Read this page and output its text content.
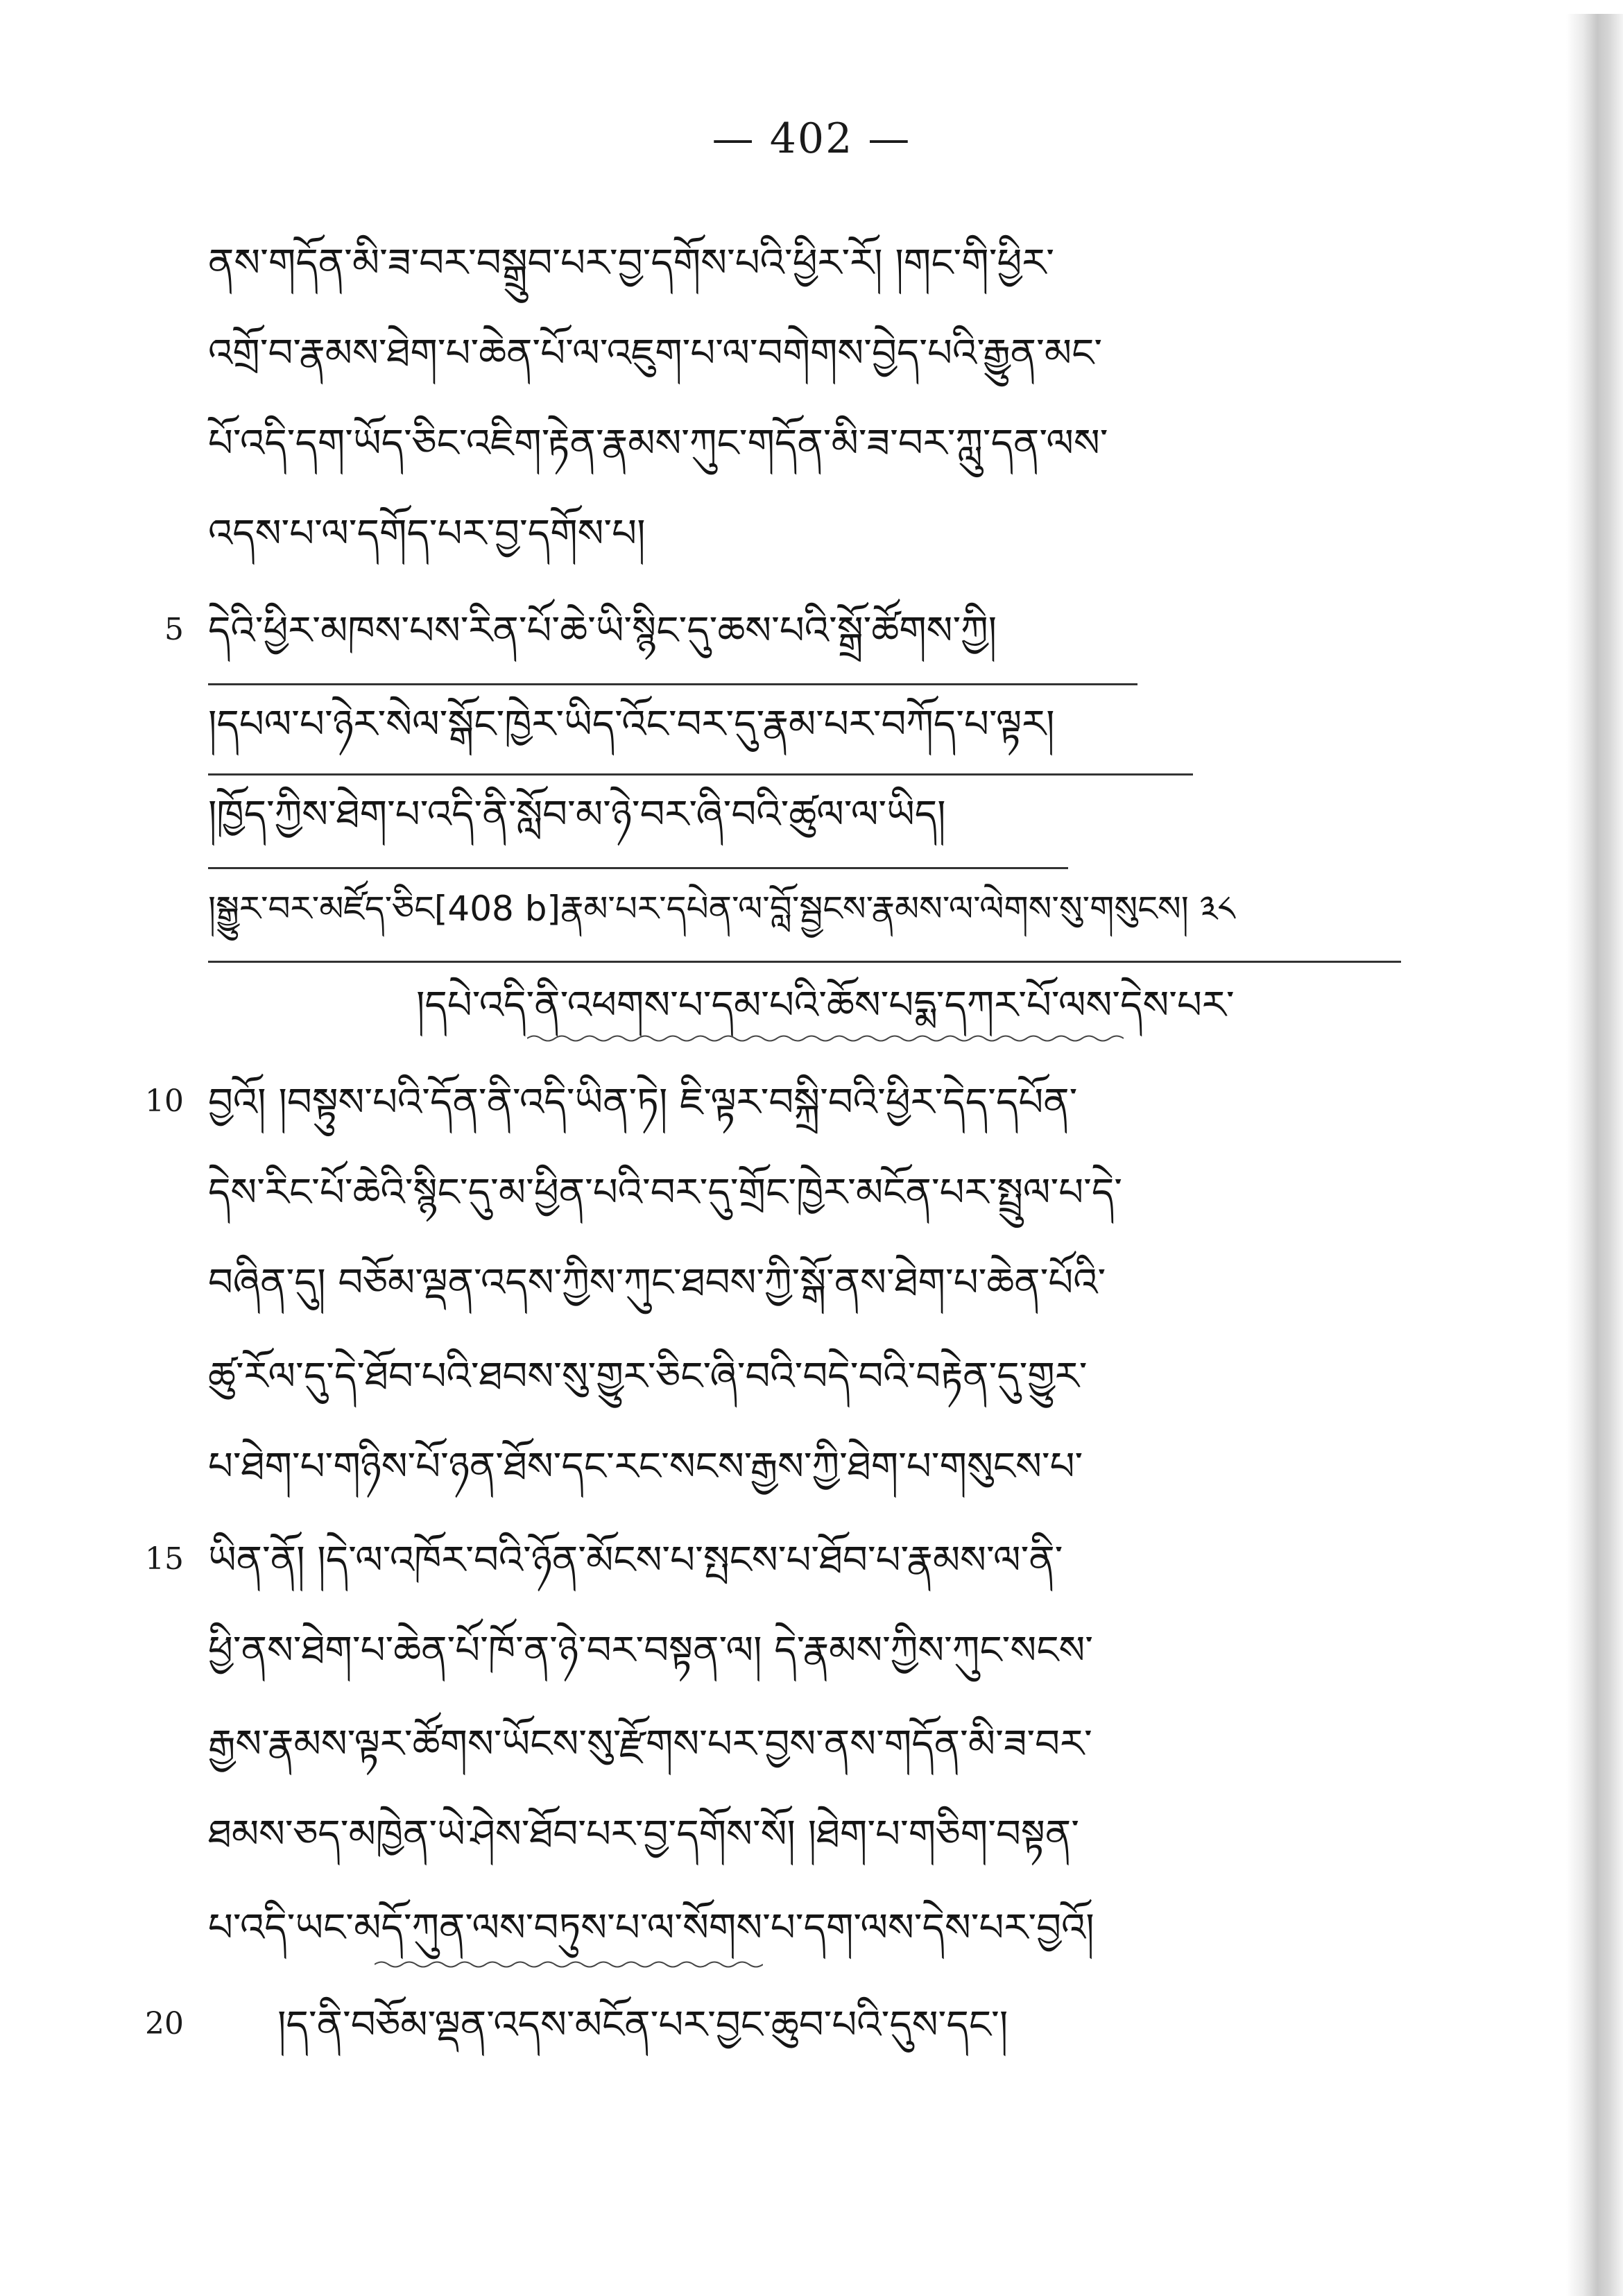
— 402 —
ནས་གདོན་མི་ཟ་བར་བསྒྲུབ་པར་བྱ་དགོས་པའི་ཕྱིར་རོ། །གང་གི་ཕྱིར་
འགྲོ་བ་རྣམས་ཐེག་པ་ཆེན་པོ་ལ་འཇུག་པ་ལ་བགེགས་བྱེད་པའི་རྒྱུན་མང་
པོ་འདི་དག་ཡོད་ཅིང་འཇིག་རྟེན་རྣམས་ཀུང་གདོན་མི་ཟ་བར་ཀླུ་དན་ལས་
འདས་པ་ལ་དགོད་པར་བྱ་དགོས་པ།
5 དེའི་ཕྱིར་མཁས་པས་རིན་པོ་ཆེ་ཡི་སྙིང་དུ་ཆས་པའི་སྒྲོ་ཚོགས་ཀྱི།
།དཔལ་པ་ཉེར་སེལ་སྒོང་ཁྱེར་ཡིད་འོང་བར་དུ་རྣམ་པར་བཀོད་པ་ལྟར།
།ཁྱོད་ཀྱིས་ཐེག་པ་འདི་ནི་སློབ་མ་ཉེ་བར་ཞི་བའི་ཚུལ་ལ་ཡིད།
།སྒྱུར་བར་མཛོད་ཅིང[408 b]རྣམ་པར་དཔེན་ལ་བློ་སྦྱངས་རྣམས་ལ་ལེགས་སུ་གསུངས། ༣༨
།དཔེ་འདི་ནི་འཕགས་པ་དམ་པའི་ཆོས་པདྨ་དཀར་པོ་ལས་དེས་པར་
10 བྱའོ། །བསྟུས་པའི་དོན་ནི་འདི་ཡིན་ཏེ། ཇི་ལྟར་བསྐྲི་བའི་ཕྱིར་དེད་དཔོན་
དེས་རིང་པོ་ཆེའི་སྙིང་དུ་མ་ཕྱིན་པའི་བར་དུ་གྲོང་ཁྱེར་མངོན་པར་སྤྲུལ་པ་དེ་
བཞིན་དུ། བཅོམ་ལྡན་འདས་ཀྱིས་ཀུང་ཐབས་ཀྱི་སྒོ་ནས་ཐེག་པ་ཆེན་པོའི་
ཚུ་རོལ་དུ་དེ་ཐོབ་པའི་ཐབས་སུ་གྱུར་ཅིང་ཞི་བའི་བདེ་བའི་བརྟེན་དུ་གྱུར་
པ་ཐེག་པ་གཉིས་པོ་ཉན་ཐོས་དང་རང་སངས་རྒྱས་ཀྱི་ཐེག་པ་གསུངས་པ་
15 ཡིན་ནོ། །དེ་ལ་འཁོར་བའི་ཉོན་མོངས་པ་སྤངས་པ་ཐོབ་པ་རྣམས་ལ་ནི་
ཕྱི་ནས་ཐེག་པ་ཆེན་པོ་ཁོ་ན་ཉེ་བར་བསྟན་ལ། དེ་རྣམས་ཀྱིས་ཀུང་སངས་
རྒྱས་རྣམས་ལྟར་ཚོགས་ཡོངས་སུ་རྫོགས་པར་བྱས་ནས་གདོན་མི་ཟ་བར་
ཐམས་ཅད་མཁྱེན་ཡེ་ཤེས་ཐོབ་པར་བྱ་དགོས་སོ། །ཐེག་པ་གཅིག་བསྟན་
པ་འདི་ཡང་མདོ་ཀུན་ལས་བཏུས་པ་ལ་སོགས་པ་དག་ལས་དེས་པར་བྱའོ།
20 །ད་ནི་བཅོམ་ལྡན་འདས་མངོན་པར་བྱང་ཆུབ་པའི་དུས་དང་།
